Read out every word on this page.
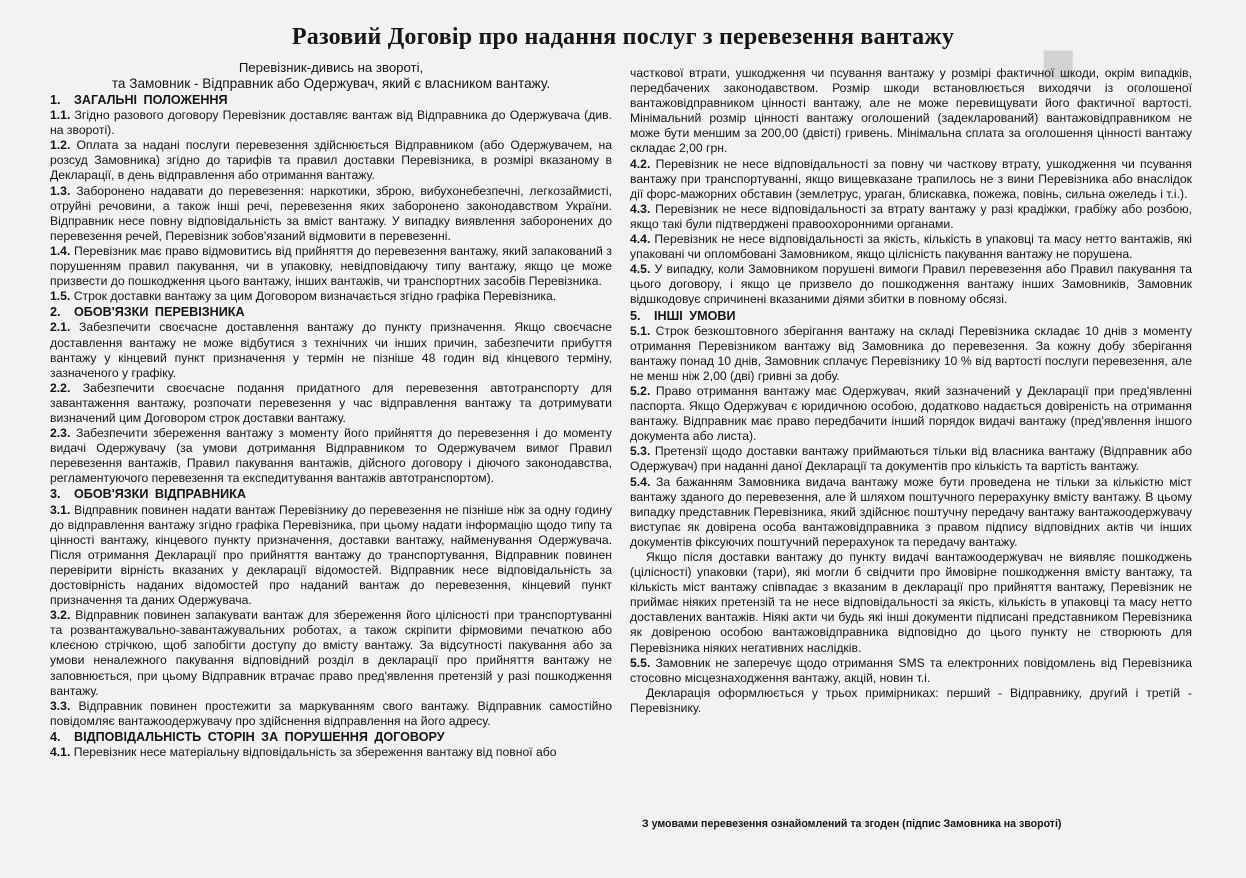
■
Разовий Договір про надання послуг з перевезення вантажу
Перевізник-дивись на звороті,
та Замовник - Відправник або Одержувач, який є власником вантажу.
1. ЗАГАЛЬНІ ПОЛОЖЕННЯ
1.1. Згідно разового договору Перевізник доставляє вантаж від Відправника до Одержувача (див. на звороті).
1.2. Оплата за надані послуги перевезення здійснюється Відправником (або Одержувачем, на розсуд Замовника) згідно до тарифів та правил доставки Перевізника, в розмірі вказаному в Декларації, в день відправлення або отримання вантажу.
1.3. Заборонено надавати до перевезення: наркотики, зброю, вибухонебезпечні, легкозаймисті, отруйні речовини, а також інші речі, перевезення яких заборонено законодавством України. Відправник несе повну відповідальність за вміст вантажу. У випадку виявлення заборонених до перевезення речей, Перевізник зобов'язаний відмовити в перевезенні.
1.4. Перевізник має право відмовитись від прийняття до перевезення вантажу, який запакований з порушенням правил пакування, чи в упаковку, невідповідаючу типу вантажу, якщо це може призвести до пошкодження цього вантажу, інших вантажів, чи транспортних засобів Перевізника.
1.5. Строк доставки вантажу за цим Договором визначається згідно графіка Перевізника.
2. ОБОВ'ЯЗКИ ПЕРЕВІЗНИКА
2.1. Забезпечити своєчасне доставлення вантажу до пункту призначення. Якщо своєчасне доставлення вантажу не може відбутися з технічних чи інших причин, забезпечити прибуття вантажу у кінцевий пункт призначення у термін не пізніше 48 годин від кінцевого терміну, зазначеного у графіку.
2.2. Забезпечити своєчасне подання придатного для перевезення автотранспорту для завантаження вантажу, розпочати перевезення у час відправлення вантажу та дотримувати визначений цим Договором строк доставки вантажу.
2.3. Забезпечити збереження вантажу з моменту його прийняття до перевезення і до моменту видачі Одержувачу (за умови дотримання Відправником то Одержувачем вимог Правил перевезення вантажів, Правил пакування вантажів, дійсного договору і діючого законодавства, регламентуючого перевезення та експедитування вантажів автотранспортом).
3. ОБОВ'ЯЗКИ ВІДПРАВНИКА
3.1. Відправник повинен надати вантаж Перевізнику до перевезення не пізніше ніж за одну годину до відправлення вантажу згідно графіка Перевізника, при цьому надати інформацію щодо типу та цінності вантажу, кінцевого пункту призначення, доставки вантажу, найменування Одержувача. Після отримання Декларації про прийняття вантажу до транспортування, Відправник повинен перевірити вірність вказаних у декларації відомостей. Відправник несе відповідальність за достовірність наданих відомостей про наданий вантаж до перевезення, кінцевий пункт призначення та даних Одержувача.
3.2. Відправник повинен запакувати вантаж для збереження його цілісності при транспортуванні та розвантажувально-завантажувальних роботах, а також скріпити фірмовими печаткою або клеєною стрічкою, щоб запобігти доступу до вмісту вантажу. За відсутності пакування або за умови неналежного пакування відповідний розділ в декларації про прийняття вантажу не заповнюється, при цьому Відправник втрачає право пред'явлення претензій у разі пошкодження вантажу.
3.3. Відправник повинен простежити за маркуванням свого вантажу. Відправник самостійно повідомляє вантажоодержувачу про здійснення відправлення на його адресу.
4. ВІДПОВІДАЛЬНІСТЬ СТОРІН ЗА ПОРУШЕННЯ ДОГОВОРУ
4.1. Перевізник несе матеріальну відповідальність за збереження вантажу від повної або
часткової втрати, ушкодження чи псування вантажу у розмірі фактичної шкоди, окрім випадків, передбачених законодавством. Розмір шкоди встановлюється виходячи із оголошеної вантажовідправником цінності вантажу, але не може перевищувати його фактичної вартості. Мінімальний розмір цінності вантажу оголошений (задекларований) вантажовідправником не може бути меншим за 200,00 (двісті) гривень. Мінімальна сплата за оголошення цінності вантажу складає 2,00 грн.
4.2. Перевізник не несе відповідальності за повну чи часткову втрату, ушкодження чи псування вантажу при транспортуванні, якщо вищевказане трапилось не з вини Перевізника або внаслідок дії форс-мажорних обставин (землетрус, ураган, блискавка, пожежа, повінь, сильна ожеледь і т.і.).
4.3. Перевізник не несе відповідальності за втрату вантажу у разі крадіжки, грабіжу або розбою, якщо такі були підтверджені правоохоронними органами.
4.4. Перевізник не несе відповідальності за якість, кількість в упаковці та масу нетто вантажів, які упаковані чи опломбовані Замовником, якщо цілісність пакування вантажу не порушена.
4.5. У випадку, коли Замовником порушені вимоги Правил перевезення або Правил пакування та цього договору, і якщо це призвело до пошкодження вантажу інших Замовників, Замовник відшкодовує спричинені вказаними діями збитки в повному обсязі.
5. ІНШІ УМОВИ
5.1. Строк безкоштовного зберігання вантажу на складі Перевізника складає 10 днів з моменту отримання Перевізником вантажу від Замовника до перевезення. За кожну добу зберігання вантажу понад 10 днів, Замовник сплачує Перевізнику 10 % від вартості послуги перевезення, але не менш ніж 2,00 (дві) гривні за добу.
5.2. Право отримання вантажу має Одержувач, який зазначений у Декларації при пред'явленні паспорта. Якщо Одержувач є юридичною особою, додатково надається довіреність на отримання вантажу. Відправник має право передбачити інший порядок видачі вантажу (пред'явлення іншого документа або листа).
5.3. Претензії щодо доставки вантажу приймаються тільки від власника вантажу (Відправник або Одержувач) при наданні даної Декларації та документів про кількість та вартість вантажу.
5.4. За бажанням Замовника видача вантажу може бути проведена не тільки за кількістю міст вантажу зданого до перевезення, але й шляхом поштучного перерахунку вмісту вантажу. В цьому випадку представник Перевізника, який здійснює поштучну передачу вантажу вантажоодержувачу виступає як довірена особа вантажовідправника з правом підпису відповідних актів чи інших документів фіксуючих поштучний перерахунок та передачу вантажу.
Якщо після доставки вантажу до пункту видачі вантажоодержувач не виявляє пошкоджень (цілісності) упаковки (тари), які могли б свідчити про ймовірне пошкодження вмісту вантажу, та кількість міст вантажу співпадає з вказаним в декларації про прийняття вантажу, Перевізник не приймає ніяких претензій та не несе відповідальності за якість, кількість в упаковці та масу нетто доставлених вантажів. Ніякі акти чи будь які інші документи підписані представником Перевізника як довіреною особою вантажовідправника відповідно до цього пункту не створюють для Перевізника ніяких негативних наслідків.
5.5. Замовник не заперечує щодо отримання SMS та електронних повідомлень від Перевізника стосовно місцезнаходження вантажу, акцій, новин т.і.
Декларація оформлюється у трьох примірниках: перший - Відправнику, другий і третій - Перевізнику.
З умовами перевезення ознайомлений та згоден (підпис Замовника на звороті)
